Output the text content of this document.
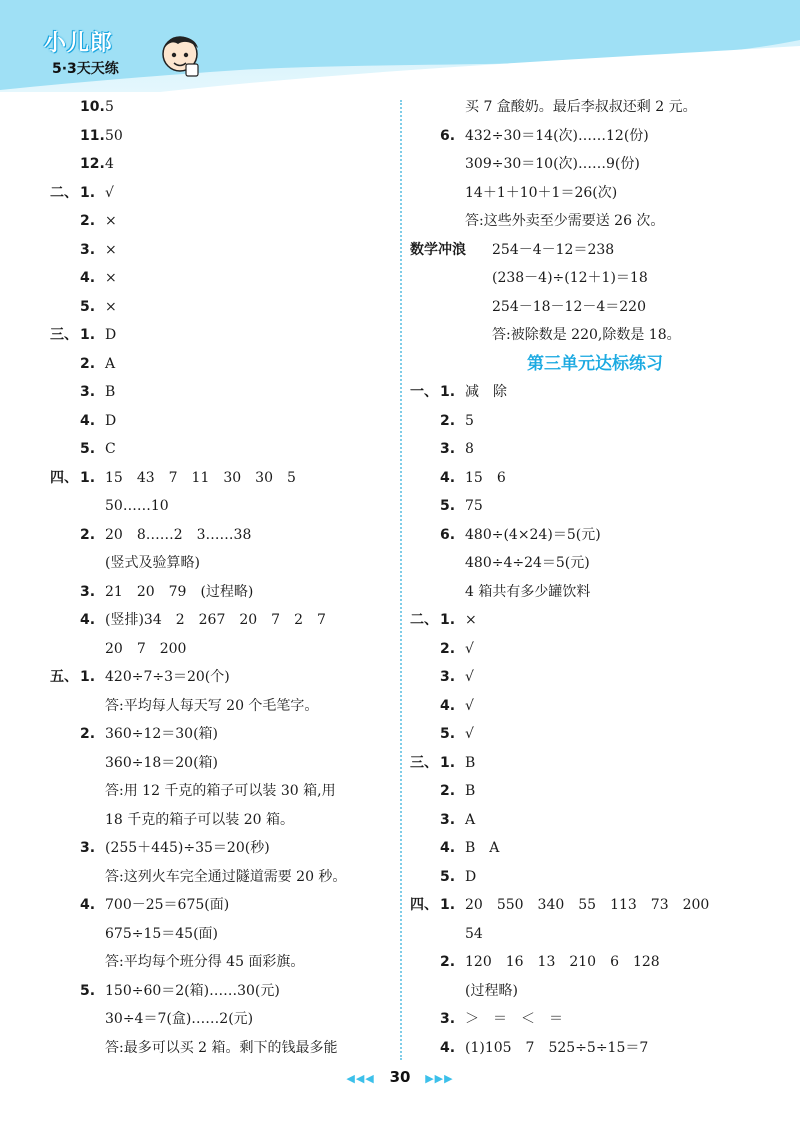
小儿郎
5·3天天练
10. 5
11. 50
12. 4
二、 1. √
2. ×
3. ×
4. ×
5. ×
三、 1. D
2. A
3. B
4. D
5. C
四、 1. 15　43　7　11　30　30　5
50……10
2. 20　8……2　3……38
(竖式及验算略)
3. 21　20　79　(过程略)
4. (竖排)34　2　267　20　7　2　7
20　7　200
五、 1. 420÷7÷3＝20(个)
答:平均每人每天写 20 个毛笔字。
2. 360÷12＝30(箱)
360÷18＝20(箱)
答:用 12 千克的箱子可以装 30 箱,用
18 千克的箱子可以装 20 箱。
3. (255＋445)÷35＝20(秒)
答:这列火车完全通过隧道需要 20 秒。
4. 700－25＝675(面)
675÷15＝45(面)
答:平均每个班分得 45 面彩旗。
5. 150÷60＝2(箱)……30(元)
30÷4＝7(盒)……2(元)
答:最多可以买 2 箱。剩下的钱最多能
买 7 盒酸奶。最后李叔叔还剩 2 元。
6. 432÷30＝14(次)……12(份)
309÷30＝10(次)……9(份)
14＋1＋10＋1＝26(次)
答:这些外卖至少需要送 26 次。
数学冲浪 254－4－12＝238
(238－4)÷(12＋1)＝18
254－18－12－4＝220
答:被除数是 220,除数是 18。
第三单元达标练习
一、 1. 减　除
2. 5
3. 8
4. 15　6
5. 75
6. 480÷(4×24)＝5(元)
480÷4÷24＝5(元)
4 箱共有多少罐饮料
二、 1. ×
2. √
3. √
4. √
5. √
三、 1. B
2. B
3. A
4. B　A
5. D
四、 1. 20　550　340　55　113　73　200
54
2. 120　16　13　210　6　128
(过程略)
3. ＞　＝　＜　＝
4. (1)105　7　525÷5÷15＝7
◀◀◀ 30 ▶▶▶
